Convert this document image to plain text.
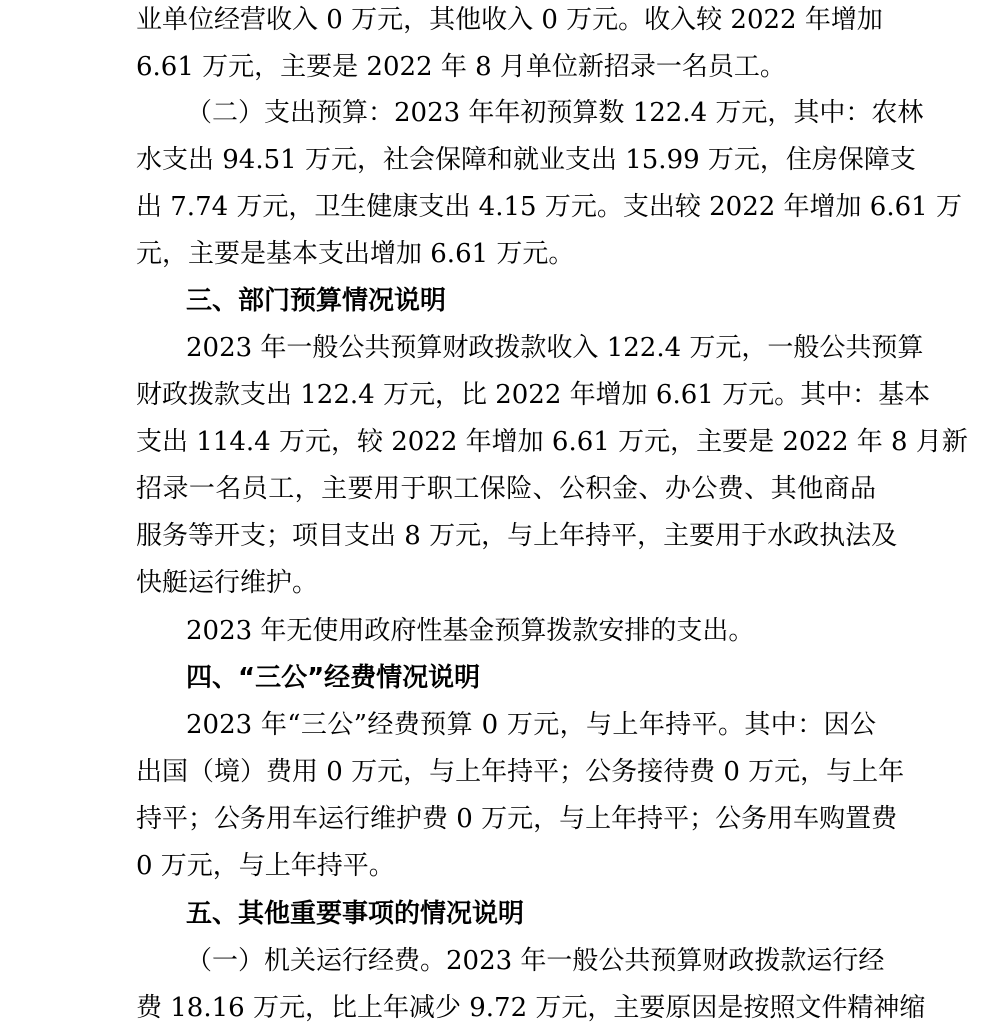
业单位经营收入 0 万元，其他收入 0 万元。收入较 2022 年增加
6.61 万元，主要是 2022 年 8 月单位新招录一名员工。
（二）支出预算：2023 年年初预算数 122.4 万元，其中：农林
水支出 94.51 万元，社会保障和就业支出 15.99 万元，住房保障支
出 7.74 万元，卫生健康支出 4.15 万元。支出较 2022 年增加 6.61 万
元，主要是基本支出增加 6.61 万元。
三、部门预算情况说明
2023 年一般公共预算财政拨款收入 122.4 万元，一般公共预算
财政拨款支出 122.4 万元，比 2022 年增加 6.61 万元。其中：基本
支出 114.4 万元，较 2022 年增加 6.61 万元，主要是 2022 年 8 月新
招录一名员工，主要用于职工保险、公积金、办公费、其他商品
服务等开支；项目支出 8 万元，与上年持平，主要用于水政执法及
快艇运行维护。
2023 年无使用政府性基金预算拨款安排的支出。
四、“三公”经费情况说明
2023 年“三公”经费预算 0 万元，与上年持平。其中：因公
出国（境）费用 0 万元，与上年持平；公务接待费 0 万元，与上年
持平；公务用车运行维护费 0 万元，与上年持平；公务用车购置费
0 万元，与上年持平。
五、其他重要事项的情况说明
（一）机关运行经费。2023 年一般公共预算财政拨款运行经
费 18.16 万元，比上年减少 9.72 万元，主要原因是按照文件精神缩
